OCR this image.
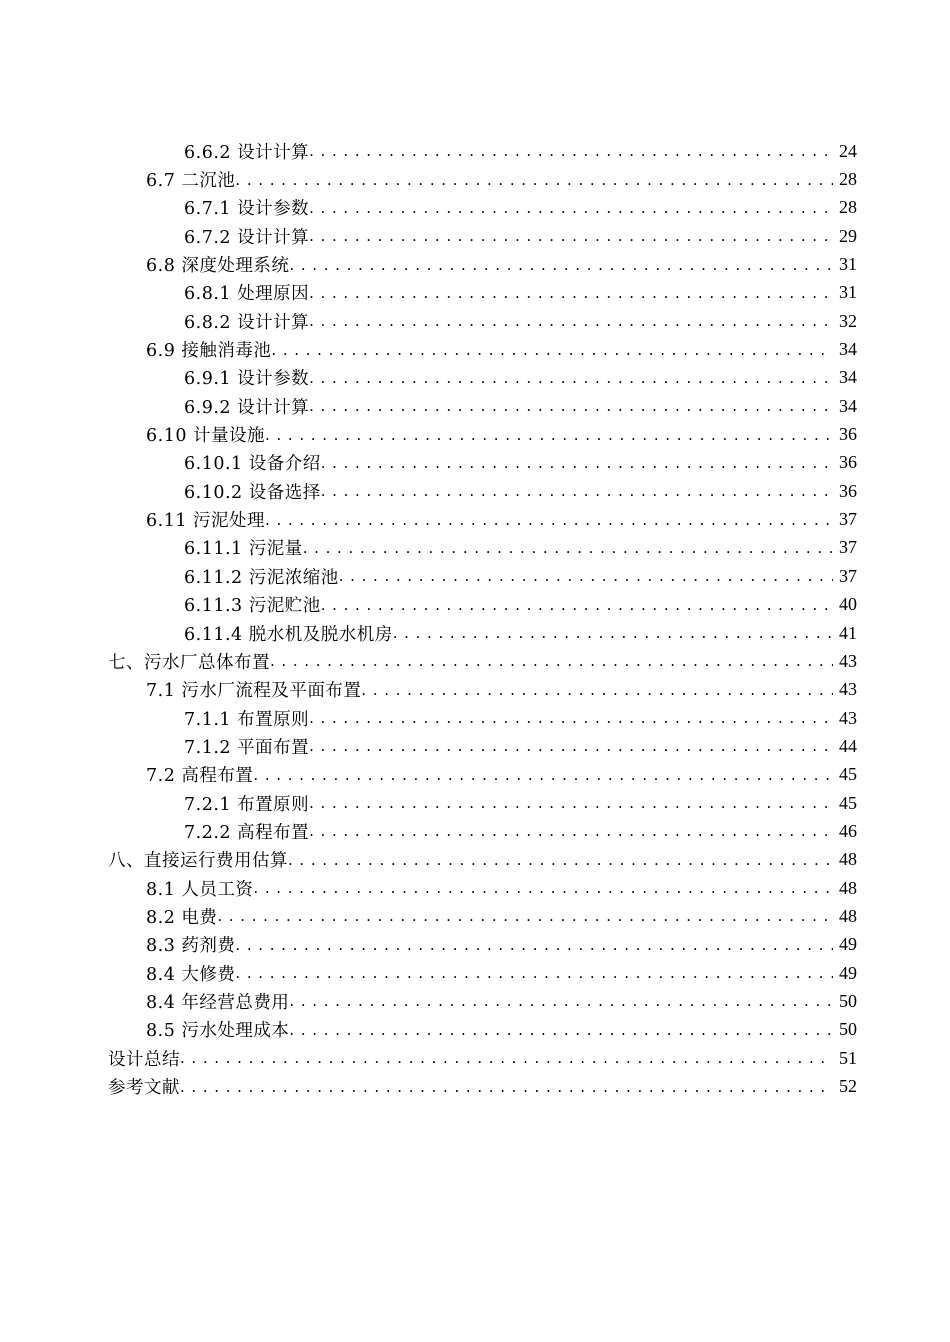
6.6.2 设计计算 . . .	24
6.7 二沉池 . . .	28
6.7.1 设计参数 . . .	28
6.7.2 设计计算 . . .	29
6.8 深度处理系统 . . .	31
6.8.1 处理原因 . . .	31
6.8.2 设计计算 . . .	32
6.9 接触消毒池 . . .	34
6.9.1 设计参数 . . .	34
6.9.2 设计计算 . . .	34
6.10 计量设施 . . .	36
6.10.1 设备介绍 . . .	36
6.10.2 设备选择 . . .	36
6.11 污泥处理 . . .	37
6.11.1 污泥量 . . .	37
6.11.2 污泥浓缩池 . . .	37
6.11.3 污泥贮池 . . .	40
6.11.4 脱水机及脱水机房 . . .	41
七、污水厂总体布置 . . .	43
7.1 污水厂流程及平面布置 . . .	43
7.1.1 布置原则 . . .	43
7.1.2 平面布置 . . .	44
7.2 高程布置 . . .	45
7.2.1 布置原则 . . .	45
7.2.2 高程布置 . . .	46
八、直接运行费用估算 . . .	48
8.1 人员工资 . . .	48
8.2 电费 . . .	48
8.3 药剂费 . . .	49
8.4 大修费 . . .	49
8.4 年经营总费用 . . .	50
8.5 污水处理成本 . . .	50
设计总结 . . .	51
参考文献 . . .	52
